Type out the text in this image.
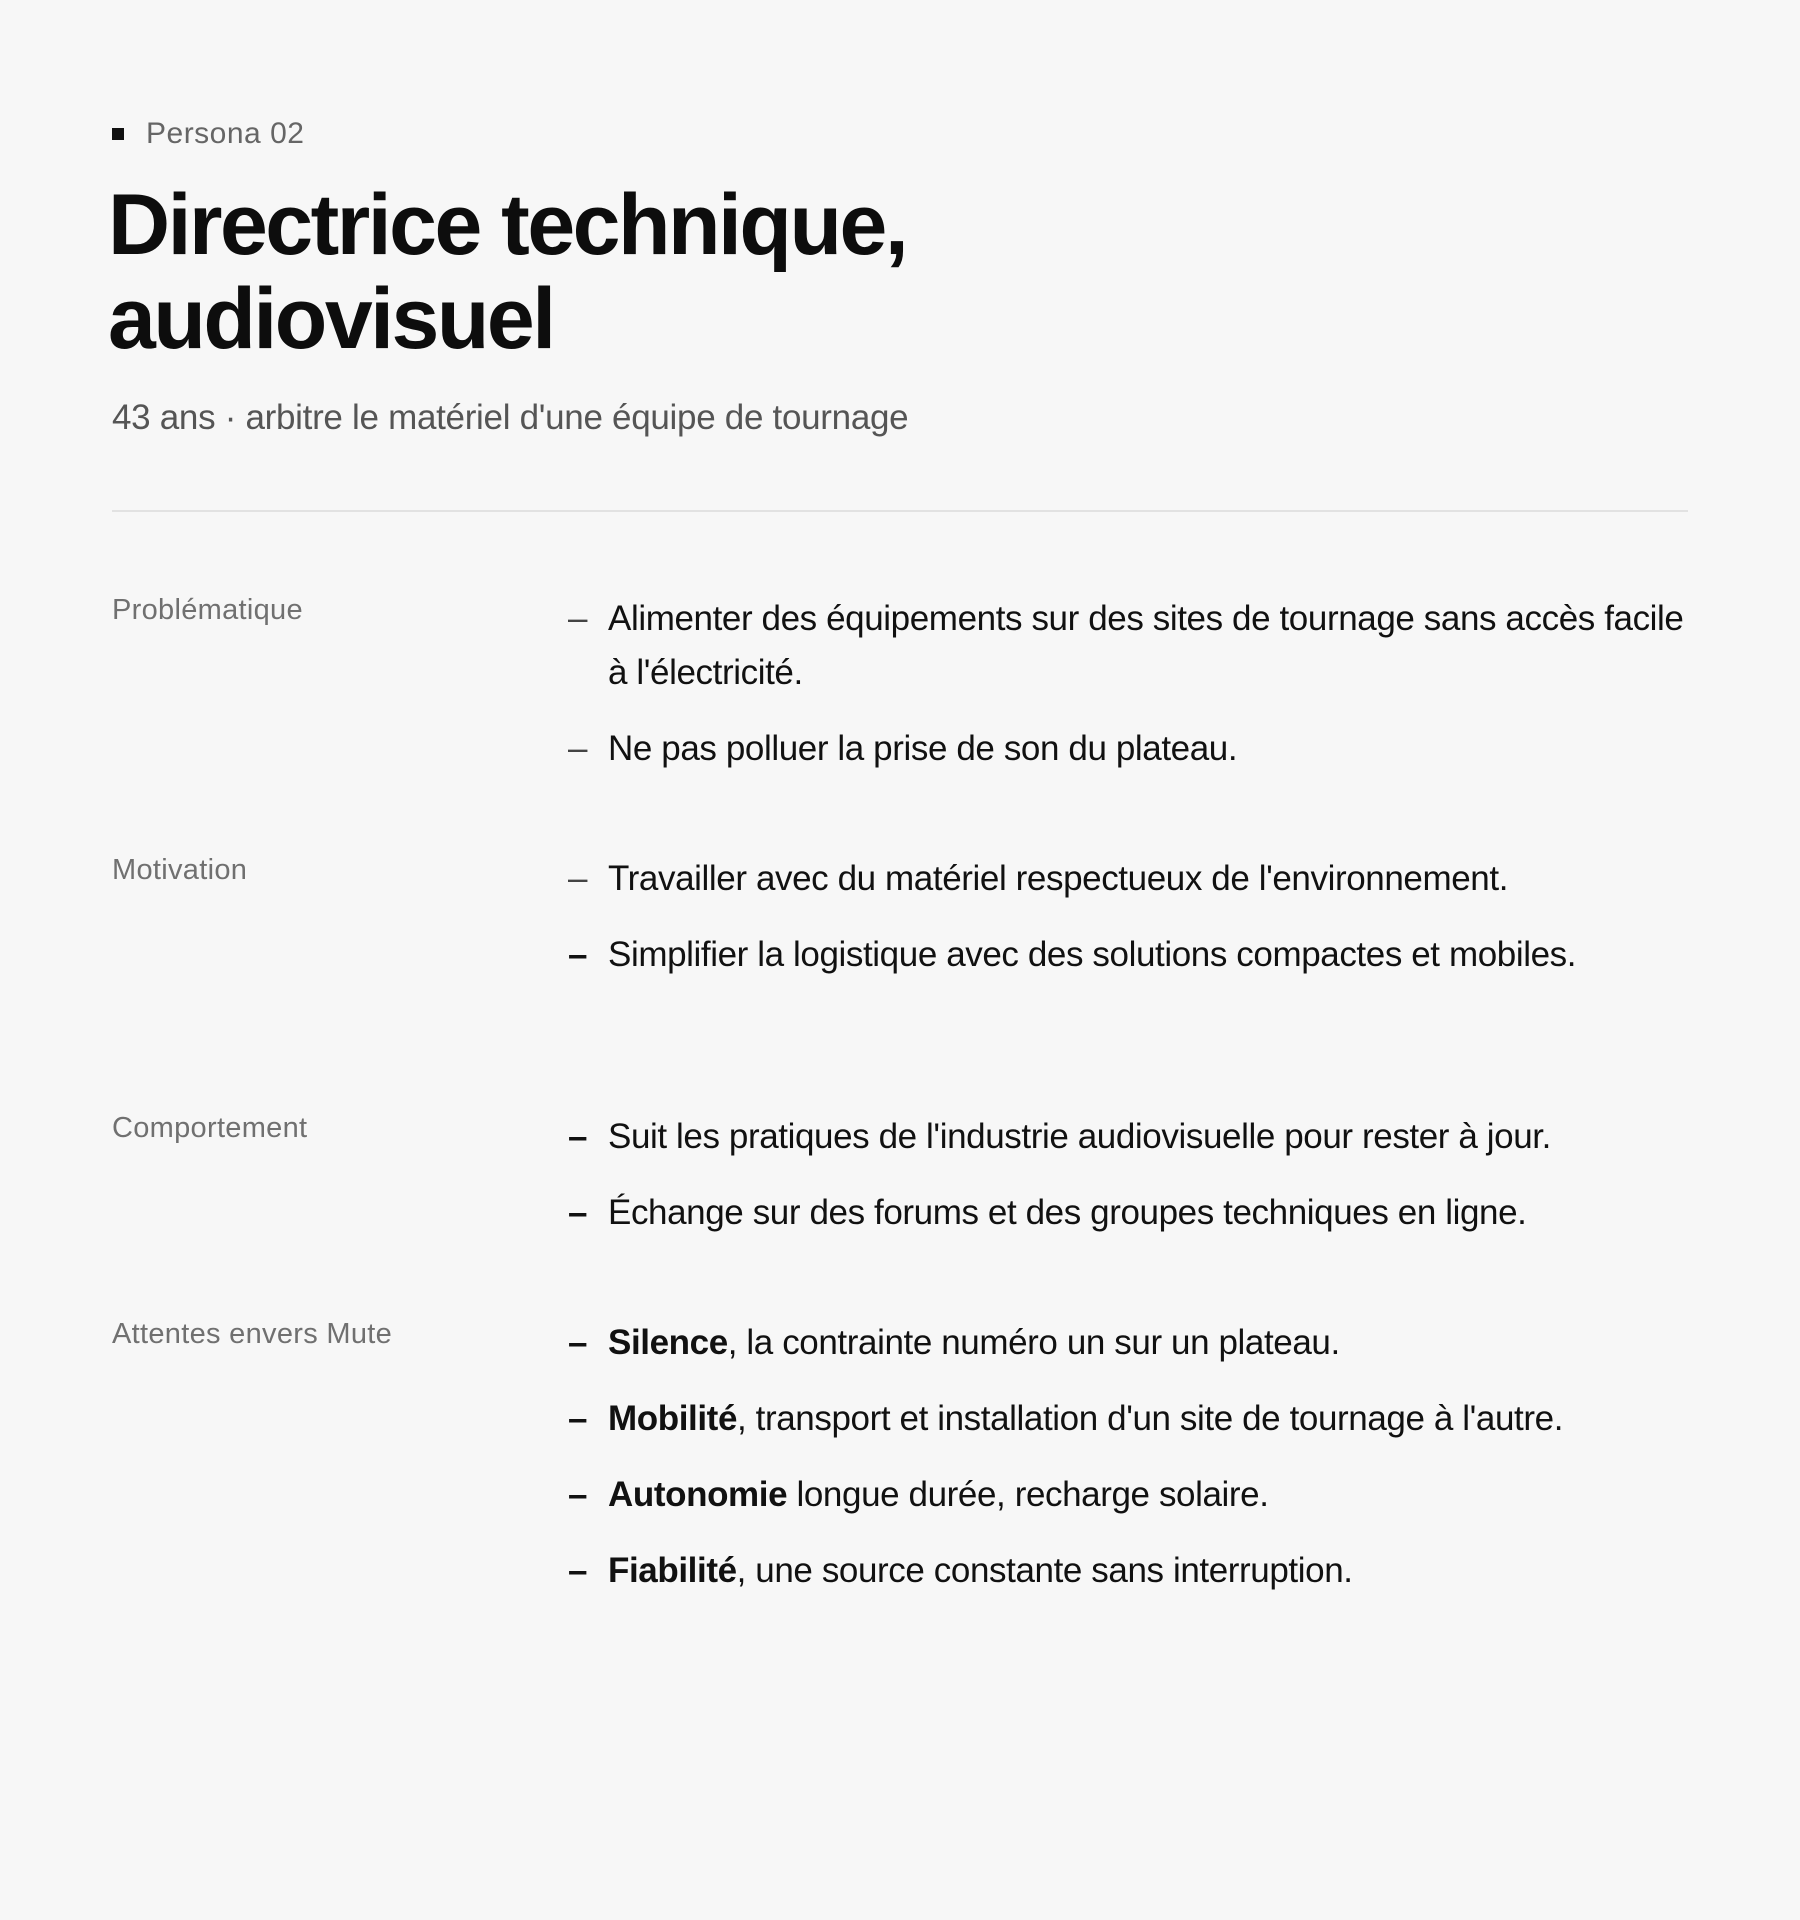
Persona 02
Directrice technique,
audiovisuel
43 ans · arbitre le matériel d'une équipe de tournage
Problématique	– Alimenter des équipements sur des sites de tournage sans accès facile à l'électricité.
– Ne pas polluer la prise de son du plateau.
Motivation	– Travailler avec du matériel respectueux de l'environnement.
– Simplifier la logistique avec des solutions compactes et mobiles.
Comportement	– Suit les pratiques de l'industrie audiovisuelle pour rester à jour.
– Échange sur des forums et des groupes techniques en ligne.
Attentes envers Mute	– Silence, la contrainte numéro un sur un plateau.
– Mobilité, transport et installation d'un site de tournage à l'autre.
– Autonomie longue durée, recharge solaire.
– Fiabilité, une source constante sans interruption.
